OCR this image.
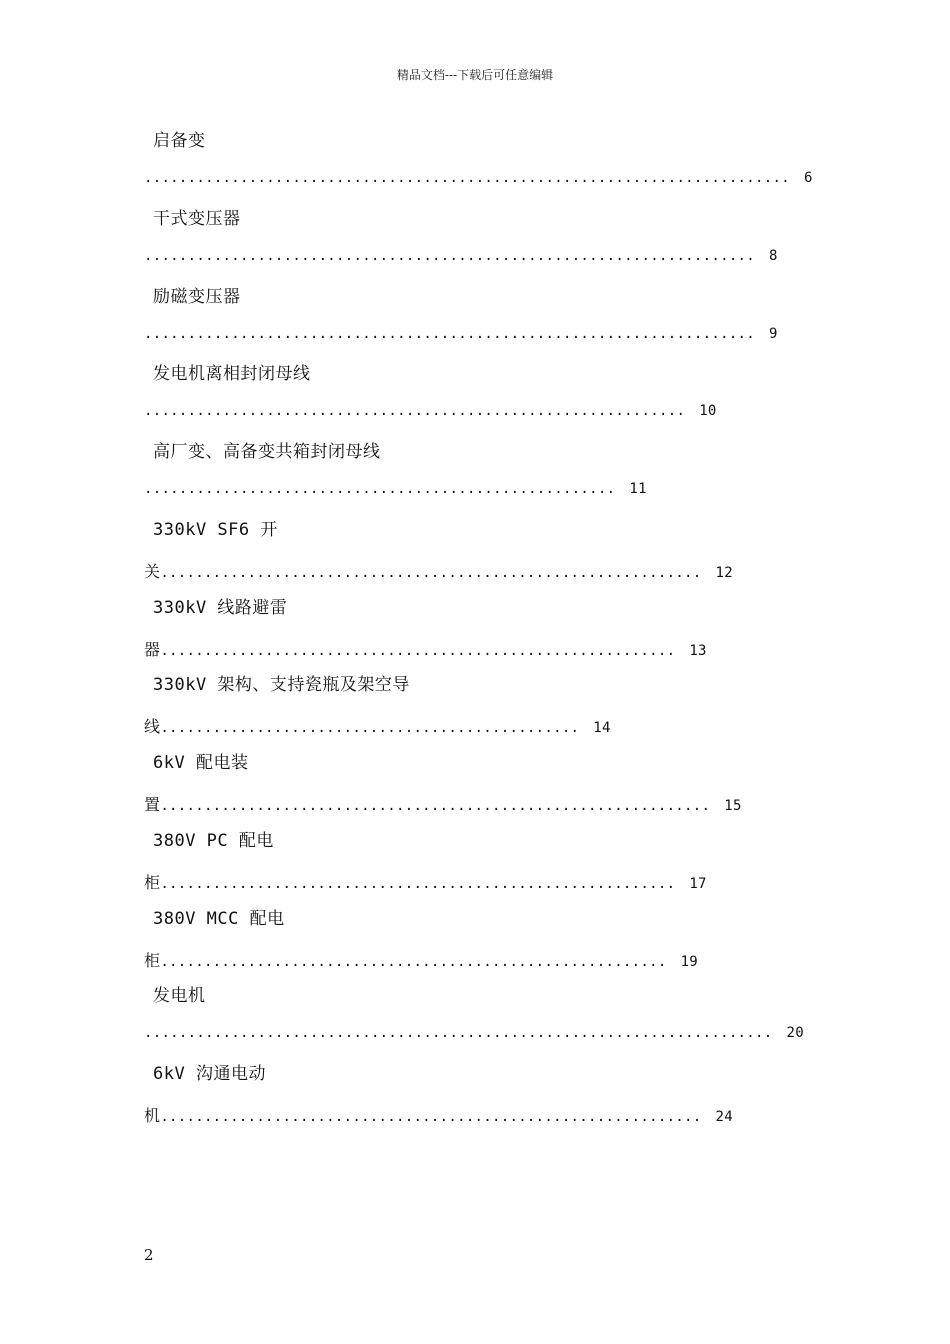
精品文档---下载后可任意编辑
启备变
.......................................................................... 6
干式变压器
...................................................................... 8
励磁变压器
...................................................................... 9
发电机离相封闭母线
.............................................................. 10
高厂变、高备变共箱封闭母线
...................................................... 11
330kV SF6 开
关.............................................................. 12
330kV 线路避雷
器........................................................... 13
330kV 架构、支持瓷瓶及架空导
线................................................ 14
6kV 配电装
置............................................................... 15
380V PC 配电
柜........................................................... 17
380V MCC 配电
柜.......................................................... 19
发电机
........................................................................ 20
6kV 沟通电动
机.............................................................. 24
2
